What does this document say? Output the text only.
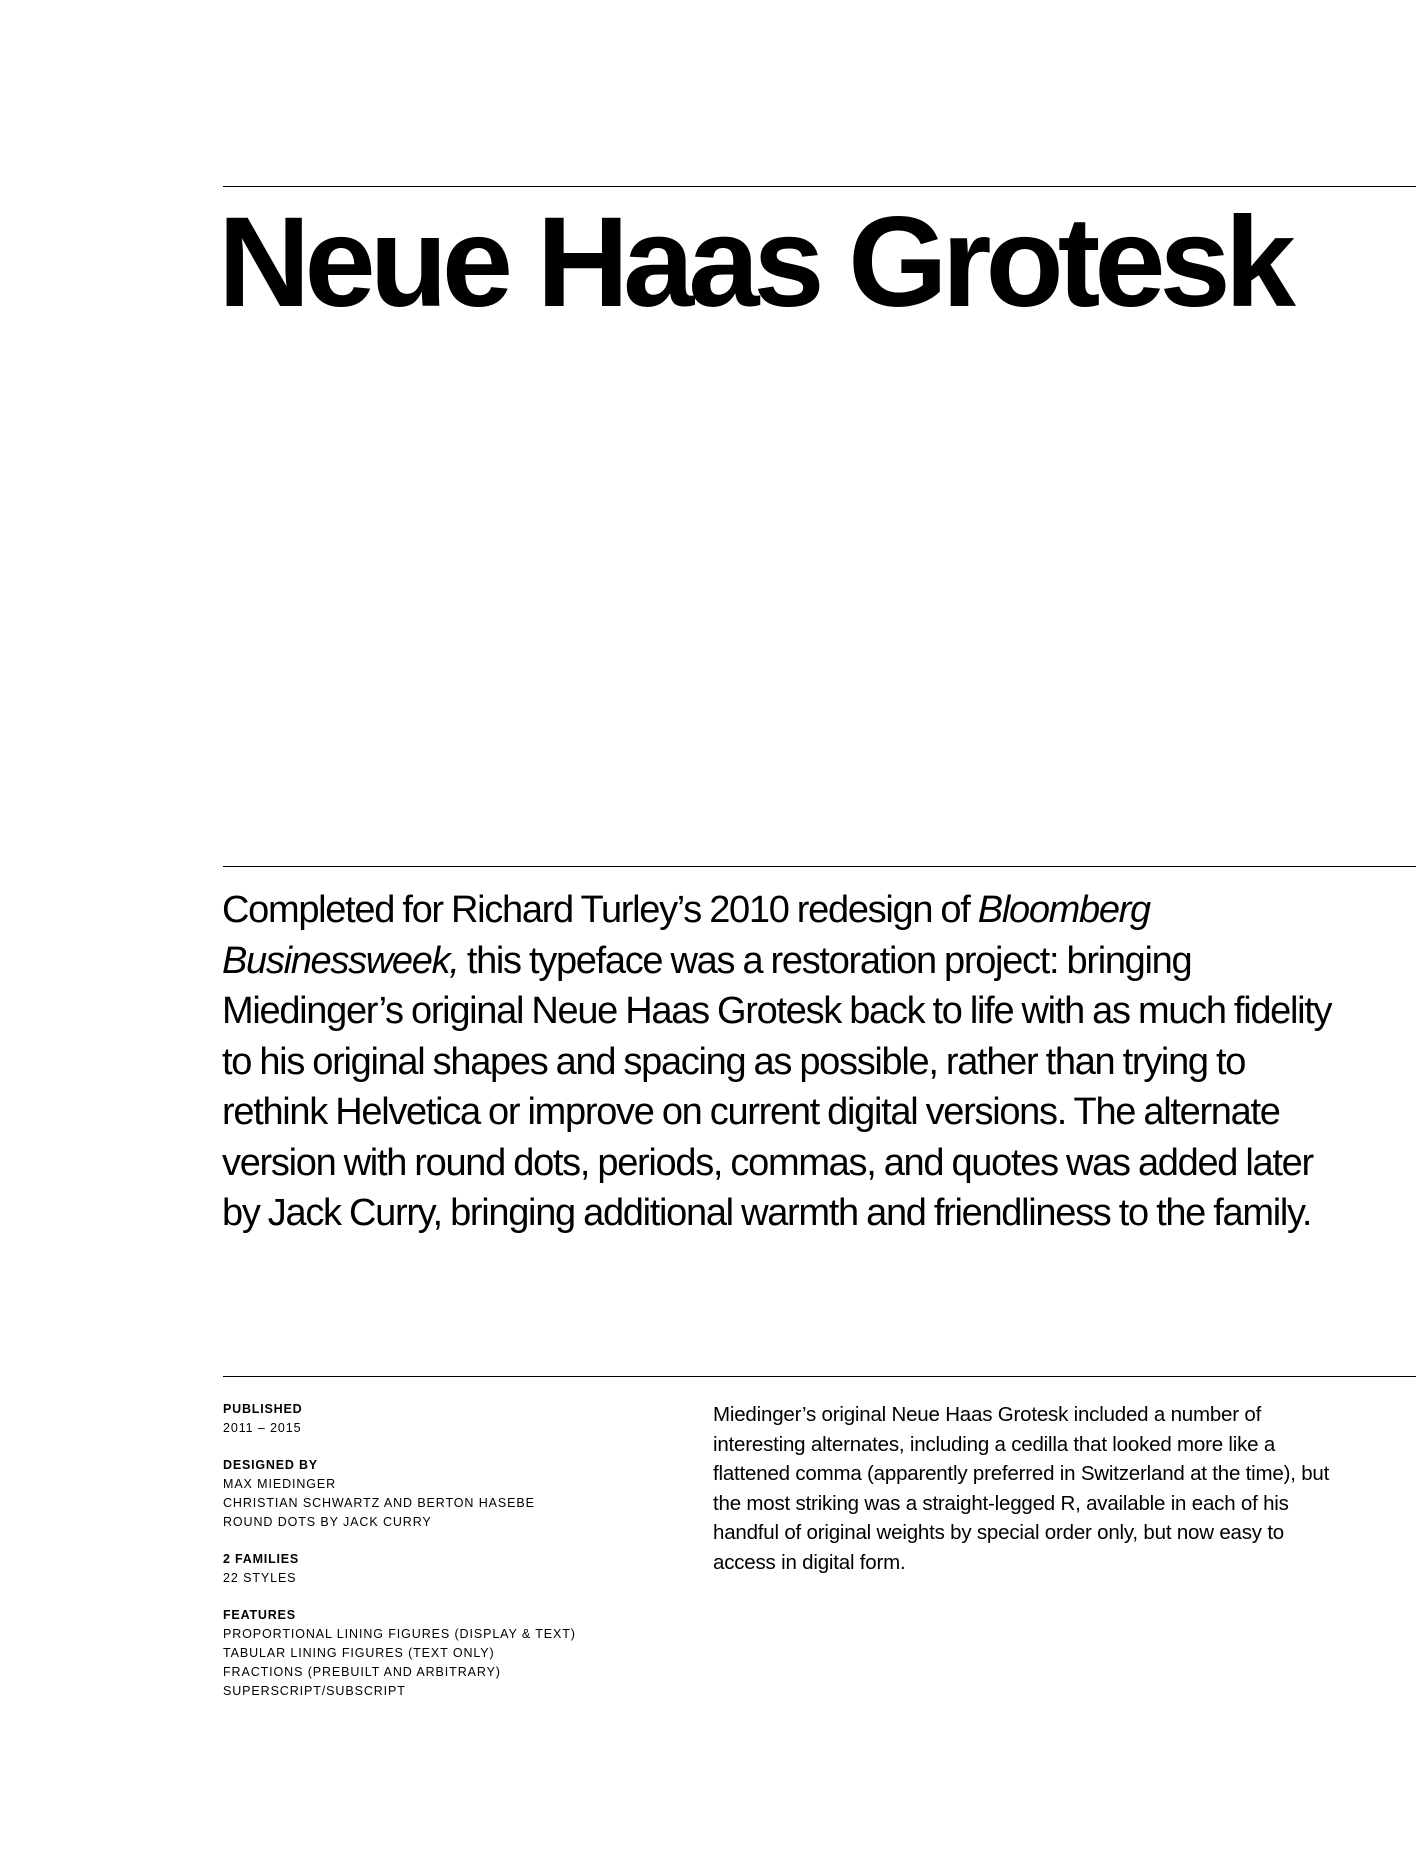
Neue Haas Grotesk

Completed for Richard Turley’s 2010 redesign of Bloomberg Businessweek, this typeface was a restoration project: bringing Miedinger’s original Neue Haas Grotesk back to life with as much fidelity to his original shapes and spacing as possible, rather than trying to rethink Helvetica or improve on current digital versions. The alternate version with round dots, periods, commas, and quotes was added later by Jack Curry, bringing additional warmth and friendliness to the family.

PUBLISHED
2011 – 2015
DESIGNED BY
MAX MIEDINGER
CHRISTIAN SCHWARTZ AND BERTON HASEBE
ROUND DOTS BY JACK CURRY
2 FAMILIES
22 STYLES
FEATURES
PROPORTIONAL LINING FIGURES (DISPLAY & TEXT)
TABULAR LINING FIGURES (TEXT ONLY)
FRACTIONS (PREBUILT AND ARBITRARY)
SUPERSCRIPT/SUBSCRIPT

Miedinger’s original Neue Haas Grotesk included a number of interesting alternates, including a cedilla that looked more like a flattened comma (apparently preferred in Switzerland at the time), but the most striking was a straight-legged R, available in each of his handful of original weights by special order only, but now easy to access in digital form.
